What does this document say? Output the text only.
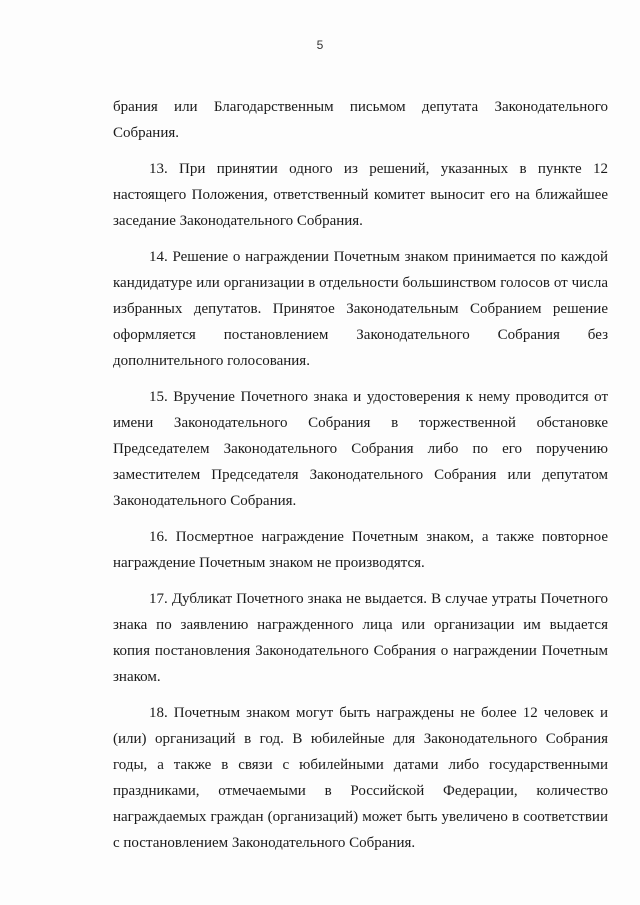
5

брания или Благодарственным письмом депутата Законодательного Собрания.

13. При принятии одного из решений, указанных в пункте 12 настоящего Положения, ответственный комитет выносит его на ближайшее заседание Законодательного Собрания.

14. Решение о награждении Почетным знаком принимается по каждой кандидатуре или организации в отдельности большинством голосов от числа избранных депутатов. Принятое Законодательным Собранием решение оформляется постановлением Законодательного Собрания без дополнительного голосования.

15. Вручение Почетного знака и удостоверения к нему проводится от имени Законодательного Собрания в торжественной обстановке Председателем Законодательного Собрания либо по его поручению заместителем Председателя Законодательного Собрания или депутатом Законодательного Собрания.

16. Посмертное награждение Почетным знаком, а также повторное награждение Почетным знаком не производятся.

17. Дубликат Почетного знака не выдается. В случае утраты Почетного знака по заявлению награжденного лица или организации им выдается копия постановления Законодательного Собрания о награждении Почетным знаком.

18. Почетным знаком могут быть награждены не более 12 человек и (или) организаций в год. В юбилейные для Законодательного Собрания годы, а также в связи с юбилейными датами либо государственными праздниками, отмечаемыми в Российской Федерации, количество награждаемых граждан (организаций) может быть увеличено в соответствии с постановлением Законодательного Собрания.
